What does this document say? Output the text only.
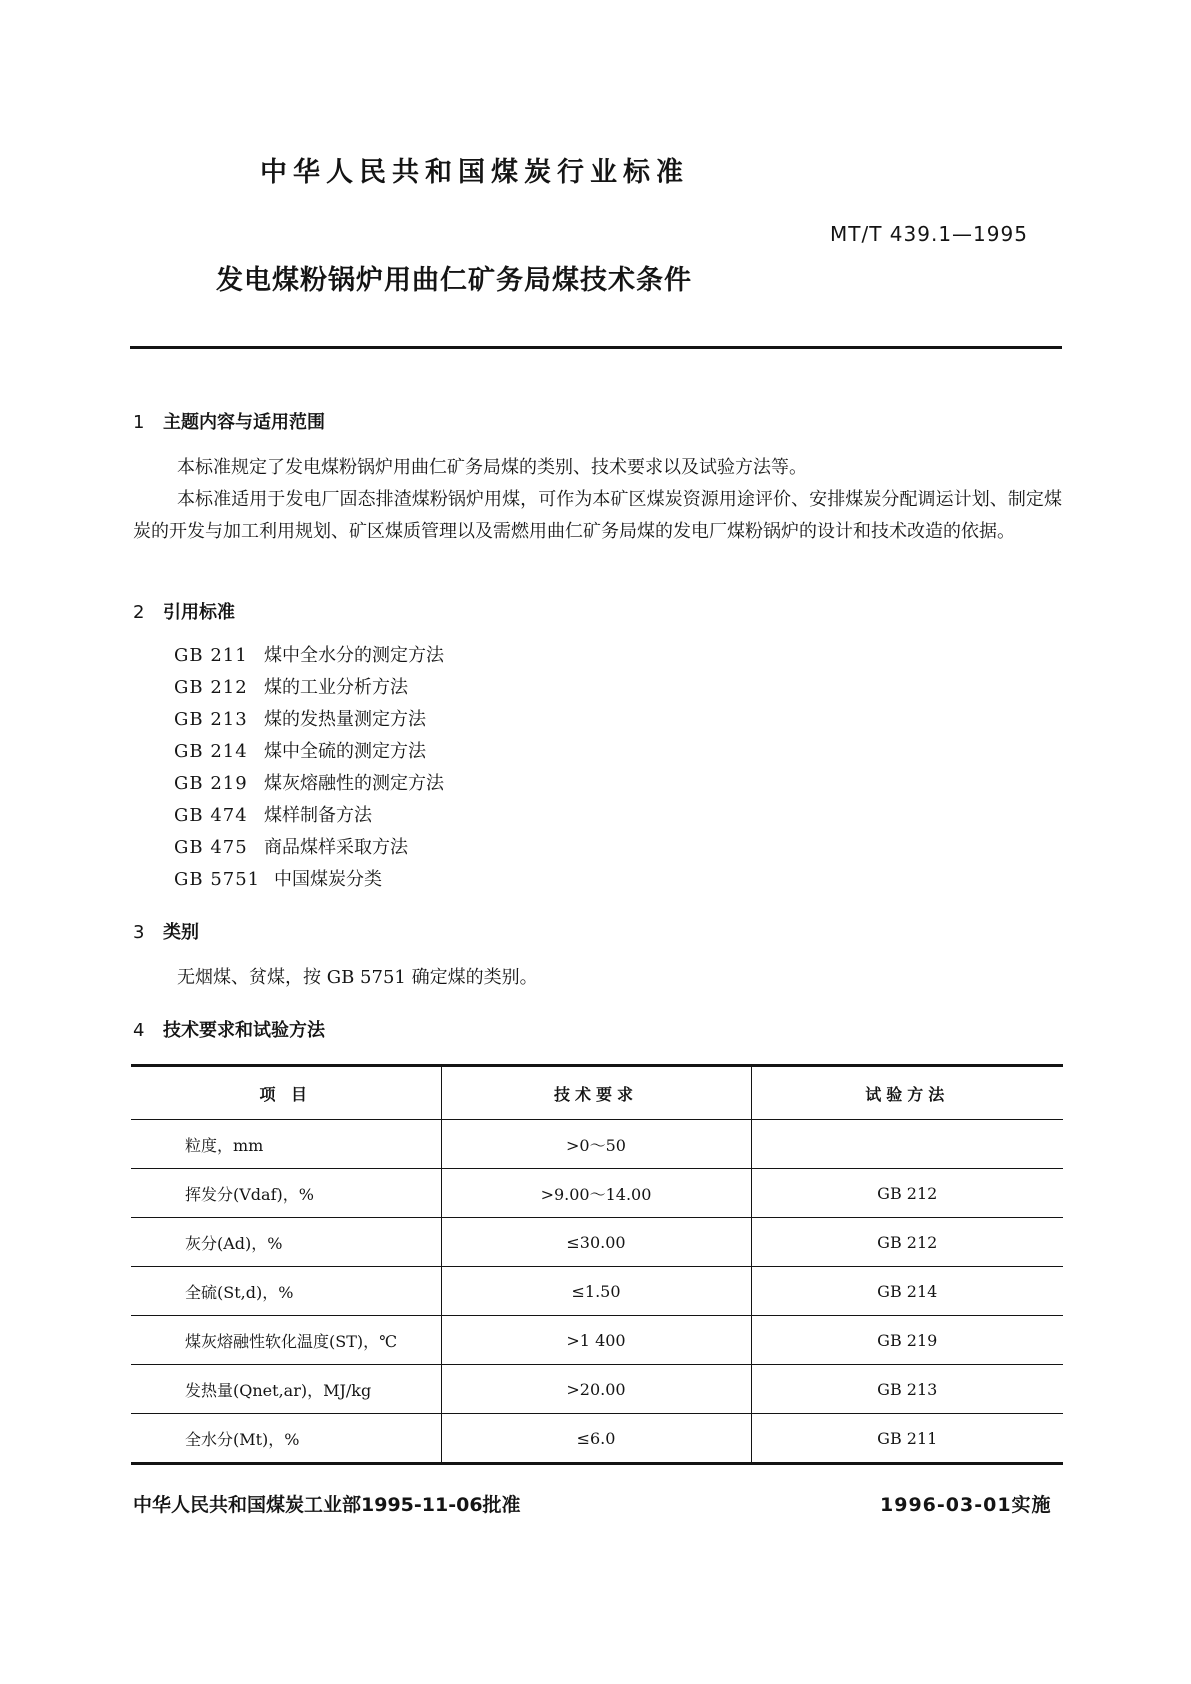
中华人民共和国煤炭行业标准
MT/T 439.1—1995
发电煤粉锅炉用曲仁矿务局煤技术条件
1 主题内容与适用范围
本标准规定了发电煤粉锅炉用曲仁矿务局煤的类别、技术要求以及试验方法等。
本标准适用于发电厂固态排渣煤粉锅炉用煤，可作为本矿区煤炭资源用途评价、安排煤炭分配调运计划、制定煤炭的开发与加工利用规划、矿区煤质管理以及需燃用曲仁矿务局煤的发电厂煤粉锅炉的设计和技术改造的依据。
2 引用标准
GB 211 煤中全水分的测定方法
GB 212 煤的工业分析方法
GB 213 煤的发热量测定方法
GB 214 煤中全硫的测定方法
GB 219 煤灰熔融性的测定方法
GB 474 煤样制备方法
GB 475 商品煤样采取方法
GB 5751 中国煤炭分类
3 类别
无烟煤、贫煤，按 GB 5751 确定煤的类别。
4 技术要求和试验方法
项 目	技术要求	试验方法
粒度，mm	>0～50	
挥发分(Vdaf)，%	>9.00～14.00	GB 212
灰分(Ad)，%	≤30.00	GB 212
全硫(St,d)，%	≤1.50	GB 214
煤灰熔融性软化温度(ST)，℃	>1 400	GB 219
发热量(Qnet,ar)，MJ/kg	>20.00	GB 213
全水分(Mt)，%	≤6.0	GB 211
中华人民共和国煤炭工业部1995-11-06批准	1996-03-01实施
